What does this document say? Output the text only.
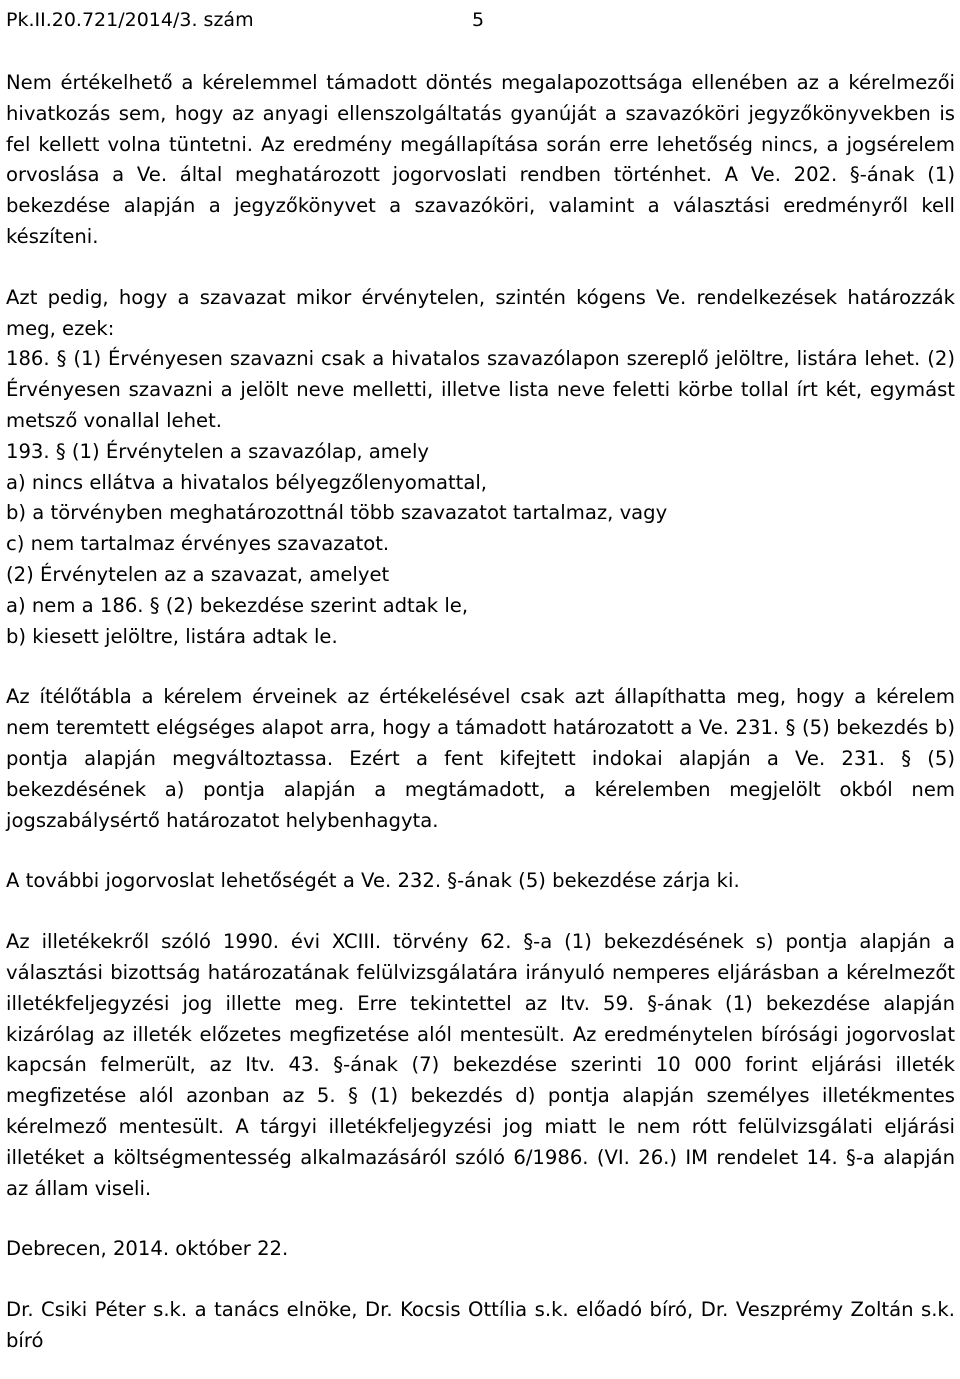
Pk.II.20.721/2014/3. szám	5

Nem értékelhető a kérelemmel támadott döntés megalapozottsága ellenében az a kérelmezői hivatkozás sem, hogy az anyagi ellenszolgáltatás gyanúját a szavazóköri jegyzőkönyvekben is fel kellett volna tüntetni. Az eredmény megállapítása során erre lehetőség nincs, a jogsérelem orvoslása a Ve. által meghatározott jogorvoslati rendben történhet. A Ve. 202. §-ának (1) bekezdése alapján a jegyzőkönyvet a szavazóköri, valamint a választási eredményről kell készíteni.

Azt pedig, hogy a szavazat mikor érvénytelen, szintén kógens Ve. rendelkezések határozzák meg, ezek:

186. § (1) Érvényesen szavazni csak a hivatalos szavazólapon szereplő jelöltre, listára lehet. (2) Érvényesen szavazni a jelölt neve melletti, illetve lista neve feletti körbe tollal írt két, egymást metsző vonallal lehet.

193. § (1) Érvénytelen a szavazólap, amely

a) nincs ellátva a hivatalos bélyegzőlenyomattal,

b) a törvényben meghatározottnál több szavazatot tartalmaz, vagy

c) nem tartalmaz érvényes szavazatot.

(2) Érvénytelen az a szavazat, amelyet

a) nem a 186. § (2) bekezdése szerint adtak le,

b) kiesett jelöltre, listára adtak le.

Az ítélőtábla a kérelem érveinek az értékelésével csak azt állapíthatta meg, hogy a kérelem nem teremtett elégséges alapot arra, hogy a támadott határozatott a Ve. 231. § (5) bekezdés b) pontja alapján megváltoztassa. Ezért a fent kifejtett indokai alapján a Ve. 231. § (5) bekezdésének a) pontja alapján a megtámadott, a kérelemben megjelölt okból nem jogszabálysértő határozatot helybenhagyta.

A további jogorvoslat lehetőségét a Ve. 232. §-ának (5) bekezdése zárja ki.

Az illetékekről szóló 1990. évi XCIII. törvény 62. §-a (1) bekezdésének s) pontja alapján a választási bizottság határozatának felülvizsgálatára irányuló nemperes eljárásban a kérelmezőt illetékfeljegyzési jog illette meg. Erre tekintettel az Itv. 59. §-ának (1) bekezdése alapján kizárólag az illeték előzetes megfizetése alól mentesült. Az eredménytelen bírósági jogorvoslat kapcsán felmerült, az Itv. 43. §-ának (7) bekezdése szerinti 10 000 forint eljárási illeték megfizetése alól azonban az 5. § (1) bekezdés d) pontja alapján személyes illetékmentes kérelmező mentesült. A tárgyi illetékfeljegyzési jog miatt le nem rótt felülvizsgálati eljárási illetéket a költségmentesség alkalmazásáról szóló 6/1986. (VI. 26.) IM rendelet 14. §-a alapján az állam viseli.

Debrecen, 2014. október 22.

Dr. Csiki Péter s.k. a tanács elnöke, Dr. Kocsis Ottília s.k. előadó bíró, Dr. Veszprémy Zoltán s.k. bíró
